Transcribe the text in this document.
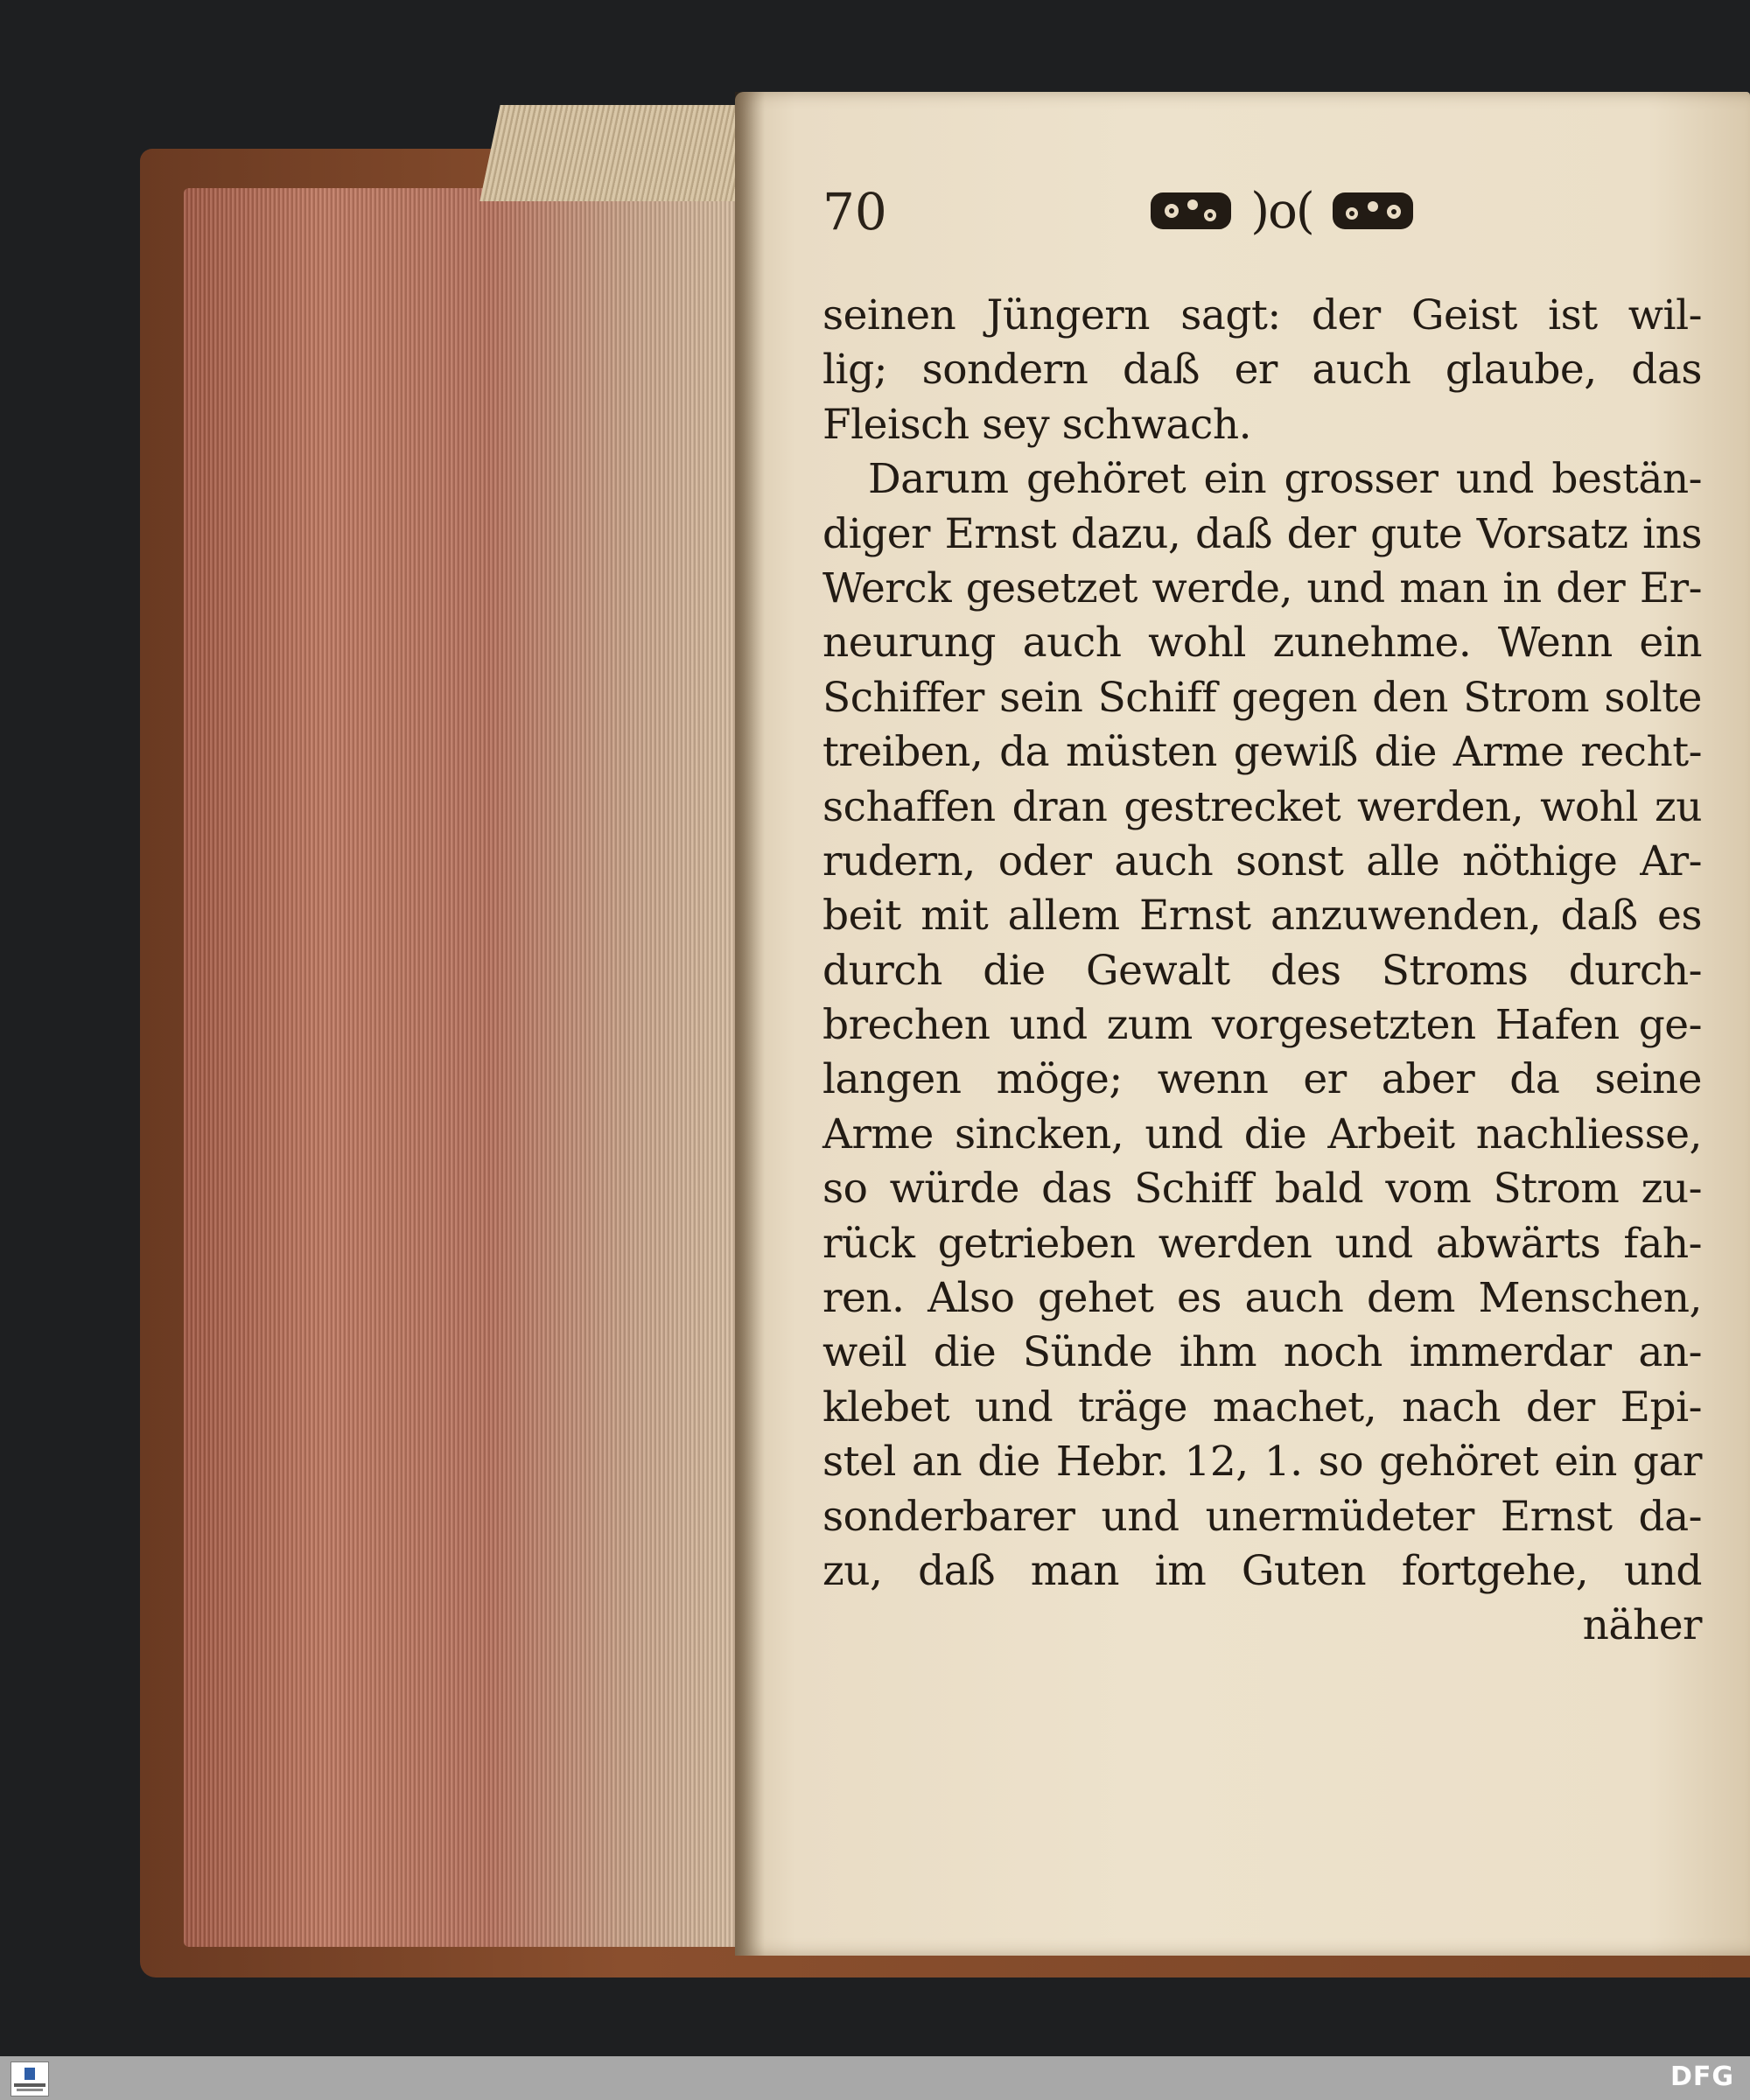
70	)o(
seinen Jüngern sagt: der Geist ist wil-
lig; sondern daß er auch glaube, das
Fleisch sey schwach.
Darum gehöret ein grosser und bestän-
diger Ernst dazu, daß der gute Vorsatz ins
Werck gesetzet werde, und man in der Er-
neurung auch wohl zunehme. Wenn ein
Schiffer sein Schiff gegen den Strom solte
treiben, da müsten gewiß die Arme recht-
schaffen dran gestrecket werden, wohl zu
rudern, oder auch sonst alle nöthige Ar-
beit mit allem Ernst anzuwenden, daß es
durch die Gewalt des Stroms durch-
brechen und zum vorgesetzten Hafen ge-
langen möge; wenn er aber da seine
Arme sincken, und die Arbeit nachliesse,
so würde das Schiff bald vom Strom zu-
rück getrieben werden und abwärts fah-
ren. Also gehet es auch dem Menschen,
weil die Sünde ihm noch immerdar an-
klebet und träge machet, nach der Epi-
stel an die Hebr. 12, 1. so gehöret ein gar
sonderbarer und unermüdeter Ernst da-
zu, daß man im Guten fortgehe, und
näher
DFG
